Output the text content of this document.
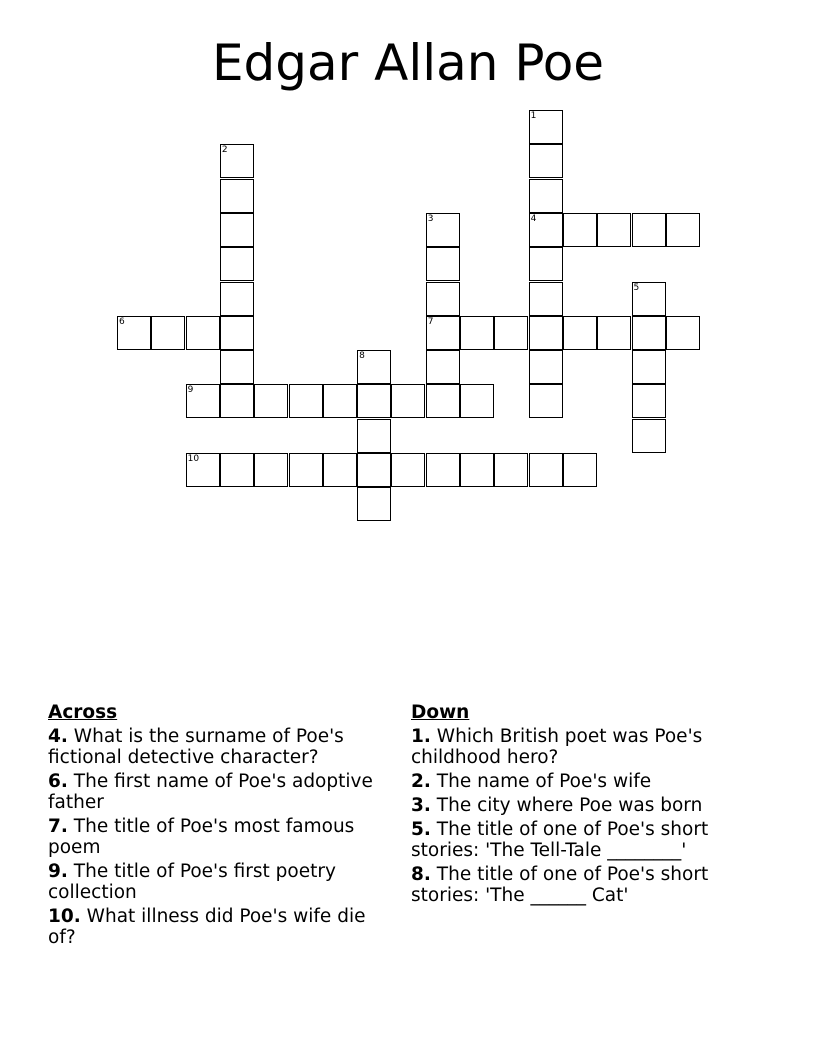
Edgar Allan Poe
1
4
2
3
7
5
6
8
9
10
Across
4. What is the surname of Poe's fictional detective character?
6. The first name of Poe's adoptive father
7. The title of Poe's most famous poem
9. The title of Poe's first poetry collection
10. What illness did Poe's wife die of?
Down
1. Which British poet was Poe's childhood hero?
2. The name of Poe's wife
3. The city where Poe was born
5. The title of one of Poe's short stories: 'The Tell-Tale ________'
8. The title of one of Poe's short stories: 'The ______ Cat'
